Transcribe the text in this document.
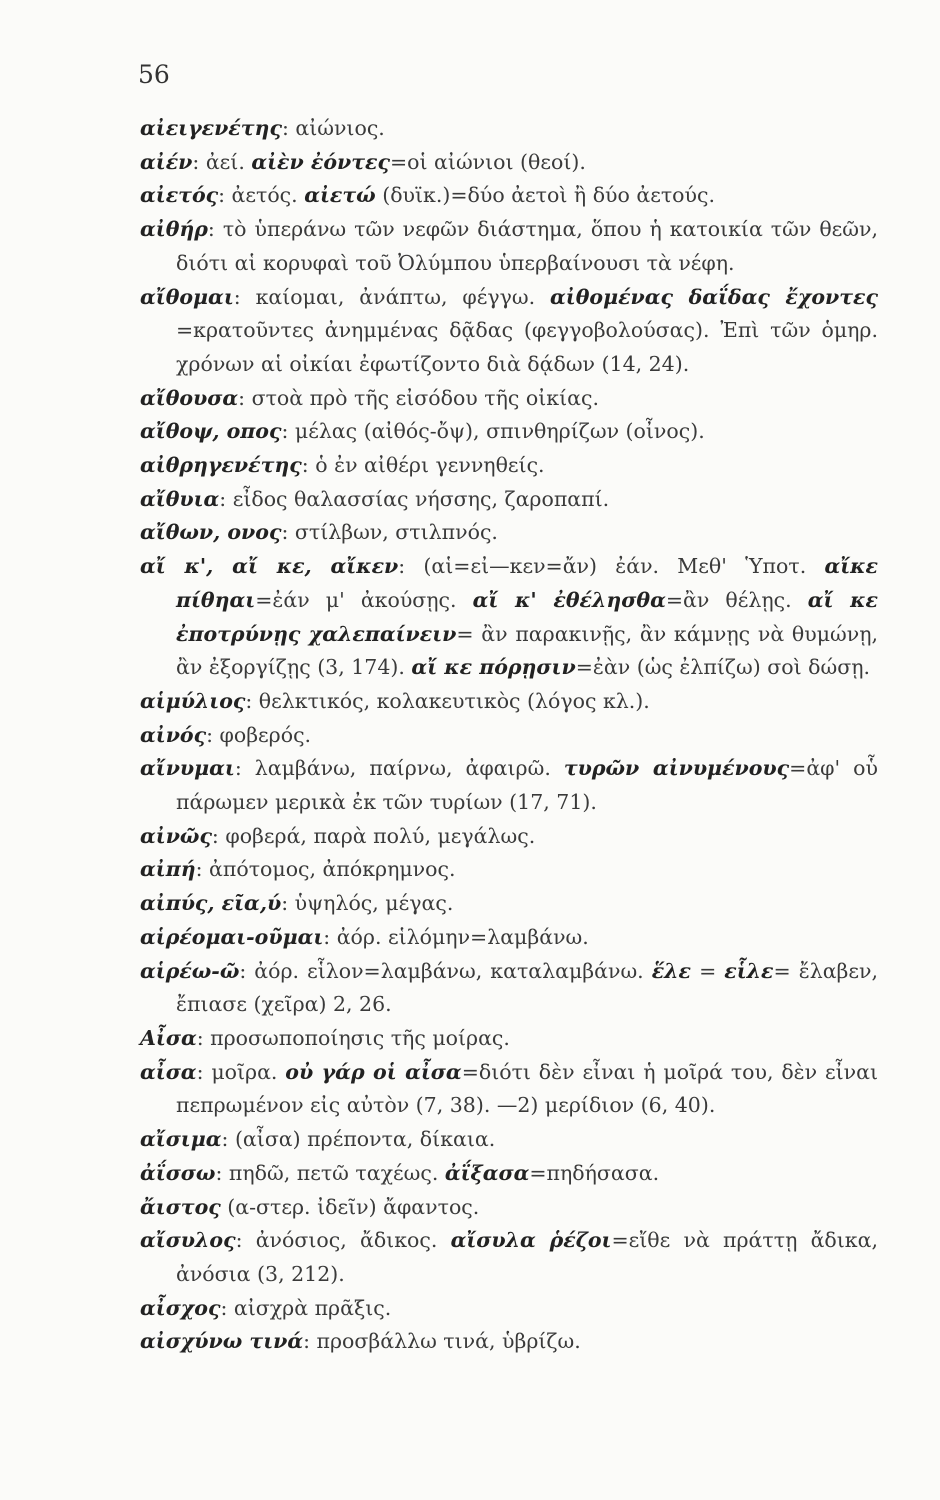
56

αἰειγενέτης: αἰώνιος.

αἰέν: ἀεί. αἰὲν ἐόντες=οἱ αἰώνιοι (θεοί).

αἰετός: ἀετός. αἰετώ (δυϊκ.)=δύο ἀετοὶ ἢ δύο ἀετούς.

αἰθήρ: τὸ ὑπεράνω τῶν νεφῶν διάστημα, ὅπου ἡ κατοικία τῶν θεῶν, διότι αἱ κορυφαὶ τοῦ Ὀλύμπου ὑπερβαίνουσι τὰ νέφη.

αἴθομαι: καίομαι, ἀνάπτω, φέγγω. αἰθομένας δαΐδας ἔχοντες =κρατοῦντες ἀνημμένας δᾷδας (φεγγοβολούσας). Ἐπὶ τῶν ὁμηρ. χρόνων αἱ οἰκίαι ἐφωτίζοντο διὰ δᾴδων (14, 24).

αἴθουσα: στοὰ πρὸ τῆς εἰσόδου τῆς οἰκίας.

αἴθοψ, οπος: μέλας (αἰθός-ὄψ), σπινθηρίζων (οἶνος).

αἰθρηγενέτης: ὁ ἐν αἰθέρι γεννηθείς.

αἴθυια: εἶδος θαλασσίας νήσσης, ζαροπαπί.

αἴθων, ονος: στίλβων, στιλπνός.

αἴ κ', αἴ κε, αἴκεν: (αἱ=εἰ—κεν=ἄν) ἐάν. Μεθ' Ὑποτ. αἴκε πίθηαι=ἐάν μ' ἀκούσῃς. αἴ κ' ἐθέλησθα=ἂν θέλῃς. αἴ κε ἐποτρύνῃς χαλεπαίνειν= ἂν παρακινῇς, ἂν κάμνῃς νὰ θυμώνῃ, ἂν ἐξοργίζῃς (3, 174). αἴ κε πόρῃσιν=ἐὰν (ὡς ἐλπίζω) σοὶ δώσῃ.

αἱμύλιος: θελκτικός, κολακευτικὸς (λόγος κλ.).

αἰνός: φοβερός.

αἴνυμαι: λαμβάνω, παίρνω, ἀφαιρῶ. τυρῶν αἰνυμένους=ἀφ' οὗ πάρωμεν μερικὰ ἐκ τῶν τυρίων (17, 71).

αἰνῶς: φοβερά, παρὰ πολύ, μεγάλως.

αἰπή: ἀπότομος, ἀπόκρημνος.

αἰπύς, εῖα,ύ: ὑψηλός, μέγας.

αἱρέομαι-οῦμαι: ἀόρ. εἱλόμην=λαμβάνω.

αἱρέω-ῶ: ἀόρ. εἷλον=λαμβάνω, καταλαμβάνω. ἕλε = εἷλε= ἔλαβεν, ἔπιασε (χεῖρα) 2, 26.

Αἶσα: προσωποποίησις τῆς μοίρας.

αἶσα: μοῖρα. οὐ γάρ οἱ αἶσα=διότι δὲν εἶναι ἡ μοῖρά του, δὲν εἶναι πεπρωμένον εἰς αὐτὸν (7, 38). —2) μερίδιον (6, 40).

αἴσιμα: (αἶσα) πρέποντα, δίκαια.

ἀΐσσω: πηδῶ, πετῶ ταχέως. ἀΐξασα=πηδήσασα.

ἄιστος (α-στερ. ἰδεῖν) ἄφαντος.

αἴσυλος: ἀνόσιος, ἄδικος. αἴσυλα ῥέζοι=εἴθε νὰ πράττῃ ἄδικα, ἀνόσια (3, 212).

αἶσχος: αἰσχρὰ πρᾶξις.

αἰσχύνω τινά: προσβάλλω τινά, ὑβρίζω.
